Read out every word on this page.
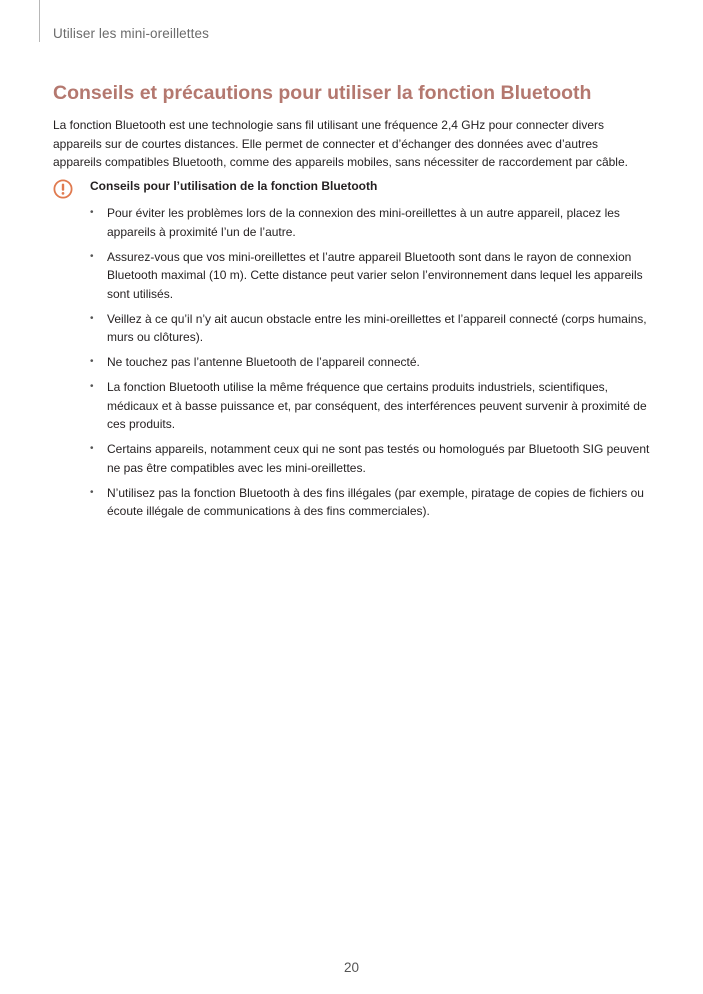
Utiliser les mini-oreillettes
Conseils et précautions pour utiliser la fonction Bluetooth

La fonction Bluetooth est une technologie sans fil utilisant une fréquence 2,4 GHz pour connecter divers appareils sur de courtes distances. Elle permet de connecter et d’échanger des données avec d’autres appareils compatibles Bluetooth, comme des appareils mobiles, sans nécessiter de raccordement par câble.

Conseils pour l’utilisation de la fonction Bluetooth
• Pour éviter les problèmes lors de la connexion des mini-oreillettes à un autre appareil, placez les appareils à proximité l’un de l’autre.
• Assurez-vous que vos mini-oreillettes et l’autre appareil Bluetooth sont dans le rayon de connexion Bluetooth maximal (10 m). Cette distance peut varier selon l’environnement dans lequel les appareils sont utilisés.
• Veillez à ce qu’il n’y ait aucun obstacle entre les mini-oreillettes et l’appareil connecté (corps humains, murs ou clôtures).
• Ne touchez pas l’antenne Bluetooth de l’appareil connecté.
• La fonction Bluetooth utilise la même fréquence que certains produits industriels, scientifiques, médicaux et à basse puissance et, par conséquent, des interférences peuvent survenir à proximité de ces produits.
• Certains appareils, notamment ceux qui ne sont pas testés ou homologués par Bluetooth SIG peuvent ne pas être compatibles avec les mini-oreillettes.
• N’utilisez pas la fonction Bluetooth à des fins illégales (par exemple, piratage de copies de fichiers ou écoute illégale de communications à des fins commerciales).
20
